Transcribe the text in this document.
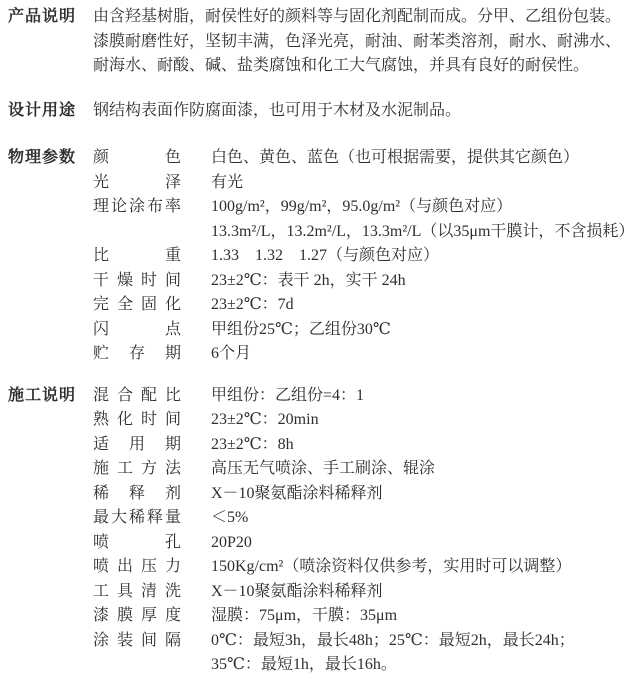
产品说明	由含羟基树脂，耐侯性好的颜料等与固化剂配制而成。分甲、乙组份包装。
漆膜耐磨性好，坚韧丰满，色泽光亮，耐油、耐苯类溶剂，耐水、耐沸水、
耐海水、耐酸、碱、盐类腐蚀和化工大气腐蚀，并具有良好的耐侯性。
设计用途	钢结构表面作防腐面漆，也可用于木材及水泥制品。
物理参数	颜色 白色、黄色、蓝色（也可根据需要，提供其它颜色）
光泽 有光
理论涂布率 100g/m²，99g/m²，95.0g/m²（与颜色对应）
13.3m²/L，13.2m²/L，13.3m²/L（以35μm干膜计，不含损耗）
比重 1.33　1.32　1.27（与颜色对应）
干燥时间 23±2℃：表干 2h，实干 24h
完全固化 23±2℃：7d
闪点 甲组份25℃；乙组份30℃
贮存期 6个月
施工说明	混合配比 甲组份：乙组份=4：1
熟化时间 23±2℃：20min
适用期 23±2℃：8h
施工方法 高压无气喷涂、手工刷涂、辊涂
稀释剂 X－10聚氨酯涂料稀释剂
最大稀释量 ＜5%
喷孔 20P20
喷出压力 150Kg/cm²（喷涂资料仅供参考，实用时可以调整）
工具清洗 X－10聚氨酯涂料稀释剂
漆膜厚度 湿膜：75μm，干膜：35μm
涂装间隔 0℃：最短3h，最长48h；25℃：最短2h，最长24h；
35℃：最短1h，最长16h。
